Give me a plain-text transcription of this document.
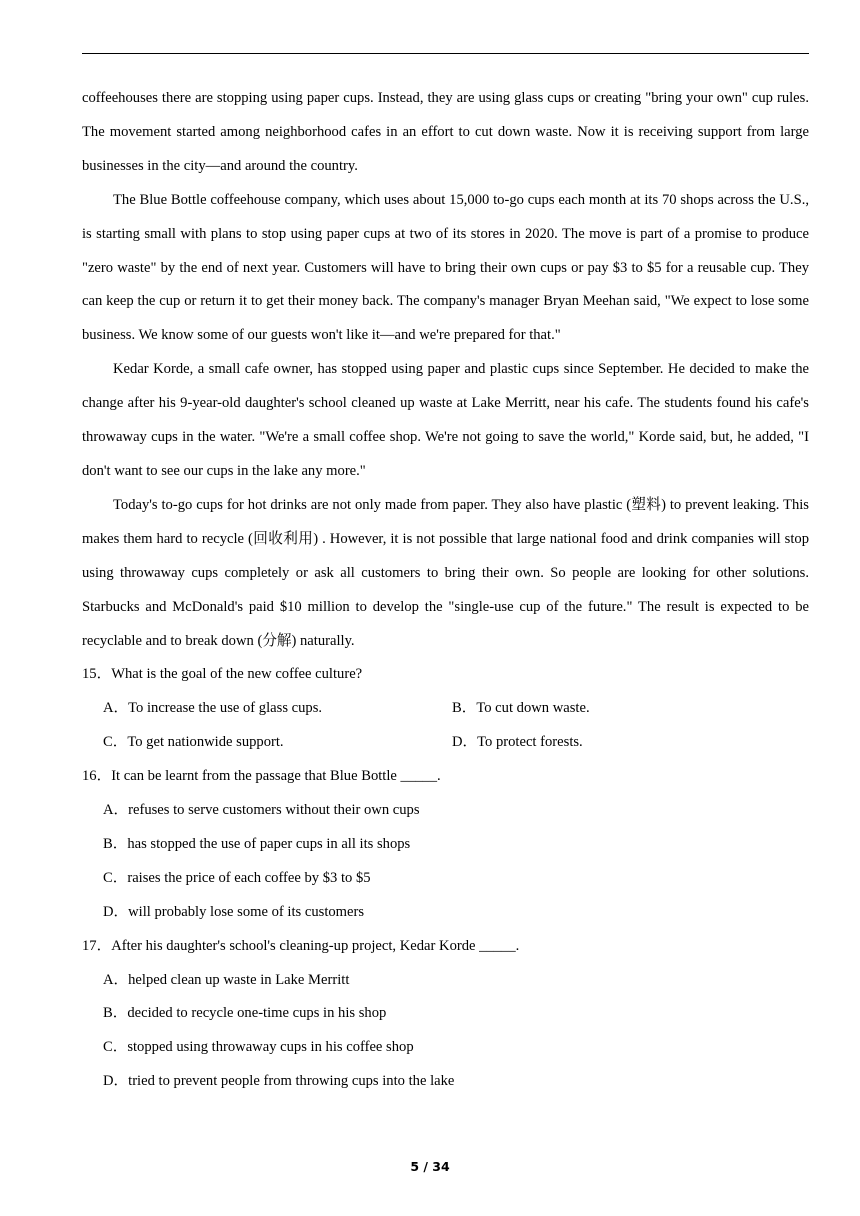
coffeehouses there are stopping using paper cups. Instead, they are using glass cups or creating "bring your own" cup rules. The movement started among neighborhood cafes in an effort to cut down waste. Now it is receiving support from large businesses in the city—and around the country.

The Blue Bottle coffeehouse company, which uses about 15,000 to-go cups each month at its 70 shops across the U.S., is starting small with plans to stop using paper cups at two of its stores in 2020. The move is part of a promise to produce "zero waste" by the end of next year. Customers will have to bring their own cups or pay $3 to $5 for a reusable cup. They can keep the cup or return it to get their money back. The company's manager Bryan Meehan said, "We expect to lose some business. We know some of our guests won't like it—and we're prepared for that."

Kedar Korde, a small cafe owner, has stopped using paper and plastic cups since September. He decided to make the change after his 9-year-old daughter's school cleaned up waste at Lake Merritt, near his cafe. The students found his cafe's throwaway cups in the water. "We're a small coffee shop. We're not going to save the world," Korde said, but, he added, "I don't want to see our cups in the lake any more."

Today's to-go cups for hot drinks are not only made from paper. They also have plastic (塑料) to prevent leaking. This makes them hard to recycle (回收利用) . However, it is not possible that large national food and drink companies will stop using throwaway cups completely or ask all customers to bring their own. So people are looking for other solutions. Starbucks and McDonald's paid $10 million to develop the "single-use cup of the future." The result is expected to be recyclable and to break down (分解) naturally.

15．What is the goal of the new coffee culture?
A．To increase the use of glass cups.	B．To cut down waste.
C．To get nationwide support.	D．To protect forests.
16．It can be learnt from the passage that Blue Bottle _____.
A．refuses to serve customers without their own cups
B．has stopped the use of paper cups in all its shops
C．raises the price of each coffee by $3 to $5
D．will probably lose some of its customers
17．After his daughter's school's cleaning-up project, Kedar Korde _____.
A．helped clean up waste in Lake Merritt
B．decided to recycle one-time cups in his shop
C．stopped using throwaway cups in his coffee shop
D．tried to prevent people from throwing cups into the lake
5 / 34
